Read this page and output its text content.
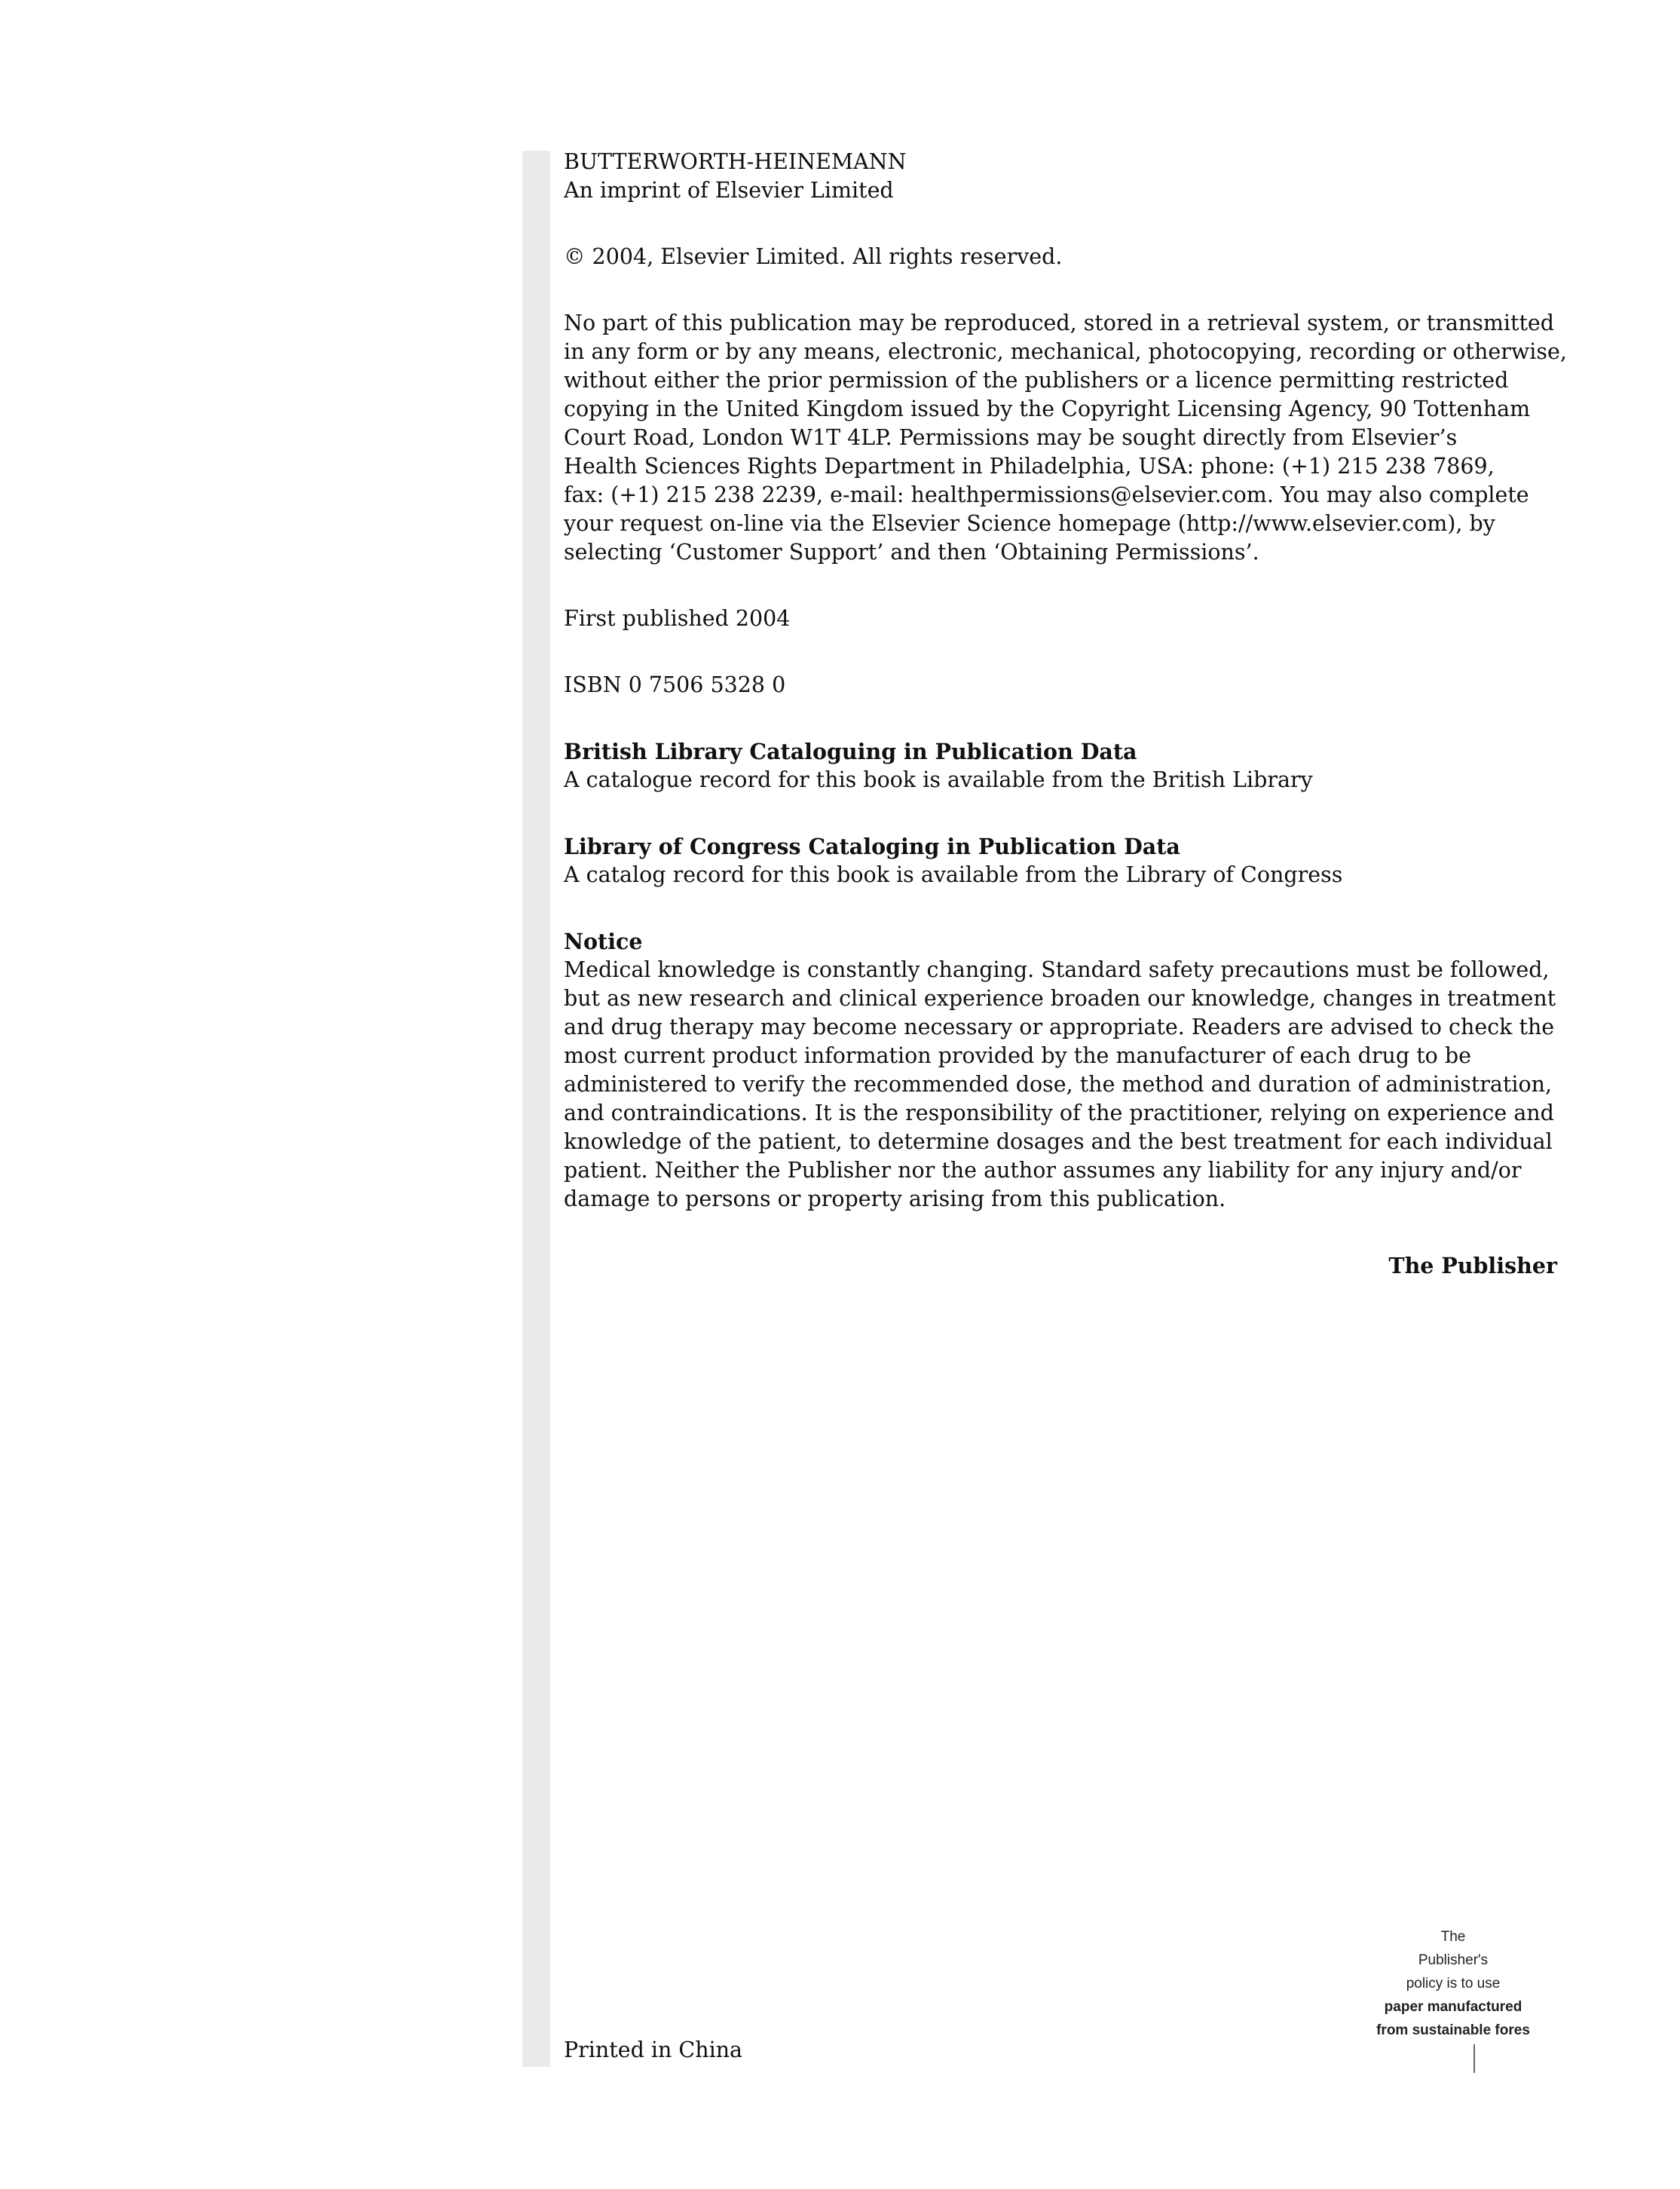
BUTTERWORTH-HEINEMANN
An imprint of Elsevier Limited
© 2004, Elsevier Limited. All rights reserved.
No part of this publication may be reproduced, stored in a retrieval system, or transmitted
in any form or by any means, electronic, mechanical, photocopying, recording or otherwise,
without either the prior permission of the publishers or a licence permitting restricted
copying in the United Kingdom issued by the Copyright Licensing Agency, 90 Tottenham
Court Road, London W1T 4LP. Permissions may be sought directly from Elsevier’s
Health Sciences Rights Department in Philadelphia, USA: phone: (+1) 215 238 7869,
fax: (+1) 215 238 2239, e-mail: healthpermissions@elsevier.com. You may also complete
your request on-line via the Elsevier Science homepage (http://www.elsevier.com), by
selecting ‘Customer Support’ and then ‘Obtaining Permissions’.
First published 2004
ISBN 0 7506 5328 0
British Library Cataloguing in Publication Data
A catalogue record for this book is available from the British Library
Library of Congress Cataloging in Publication Data
A catalog record for this book is available from the Library of Congress
Notice
Medical knowledge is constantly changing. Standard safety precautions must be followed,
but as new research and clinical experience broaden our knowledge, changes in treatment
and drug therapy may become necessary or appropriate. Readers are advised to check the
most current product information provided by the manufacturer of each drug to be
administered to verify the recommended dose, the method and duration of administration,
and contraindications. It is the responsibility of the practitioner, relying on experience and
knowledge of the patient, to determine dosages and the best treatment for each individual
patient. Neither the Publisher nor the author assumes any liability for any injury and/or
damage to persons or property arising from this publication.
The Publisher
The
Publisher's
policy is to use
paper manufactured
from sustainable fores
Printed in China
